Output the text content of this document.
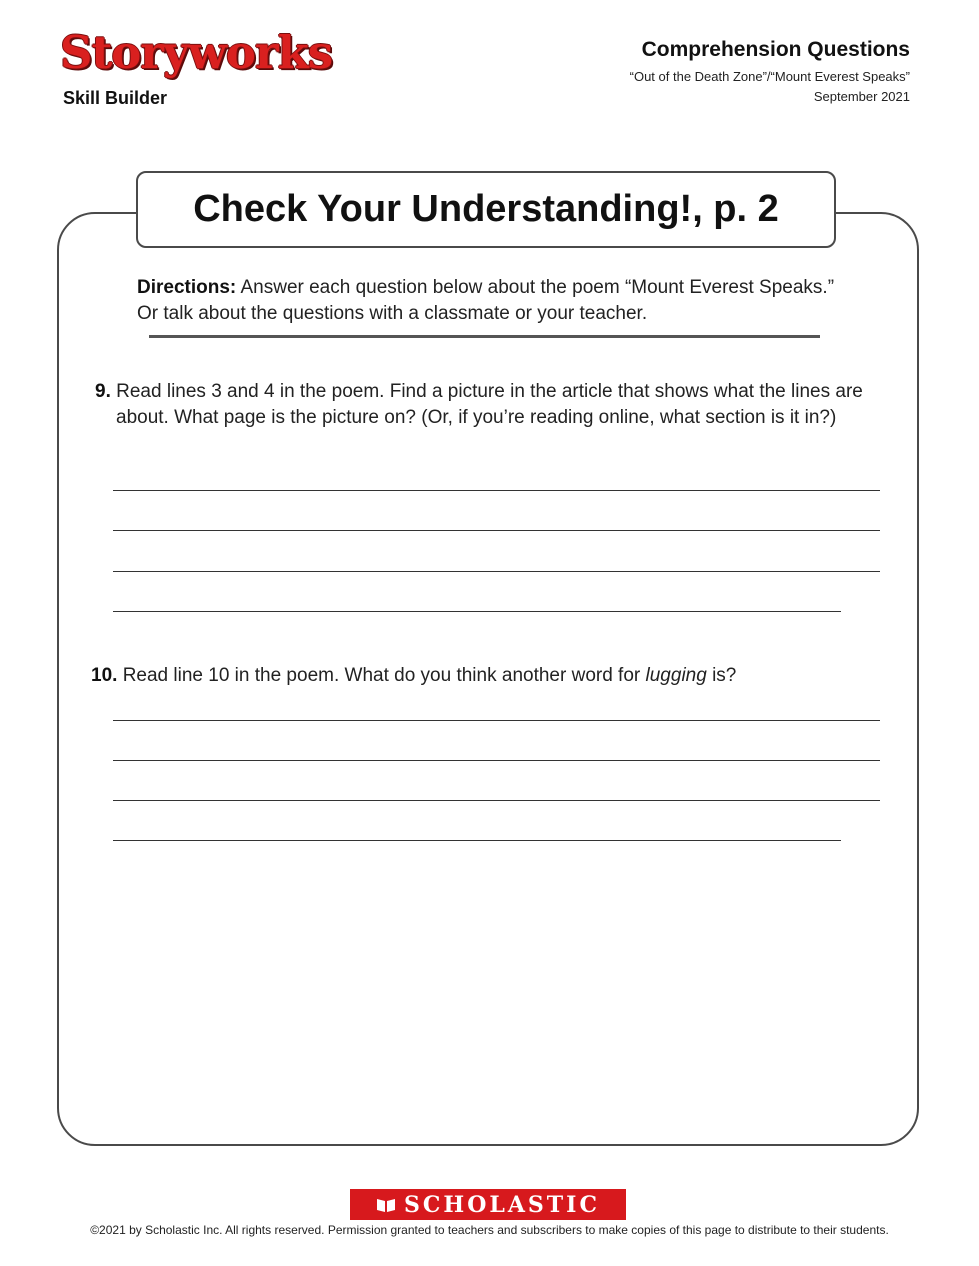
Storyworks
Skill Builder
Comprehension Questions
“Out of the Death Zone”/“Mount Everest Speaks”
September 2021
Check Your Understanding!, p. 2
Directions: Answer each question below about the poem “Mount Everest Speaks.” Or talk about the questions with a classmate or your teacher.
9. Read lines 3 and 4 in the poem. Find a picture in the article that shows what the lines are about. What page is the picture on? (Or, if you’re reading online, what section is it in?)
10. Read line 10 in the poem. What do you think another word for lugging is?
SCHOLASTIC
©2021 by Scholastic Inc. All rights reserved. Permission granted to teachers and subscribers to make copies of this page to distribute to their students.
